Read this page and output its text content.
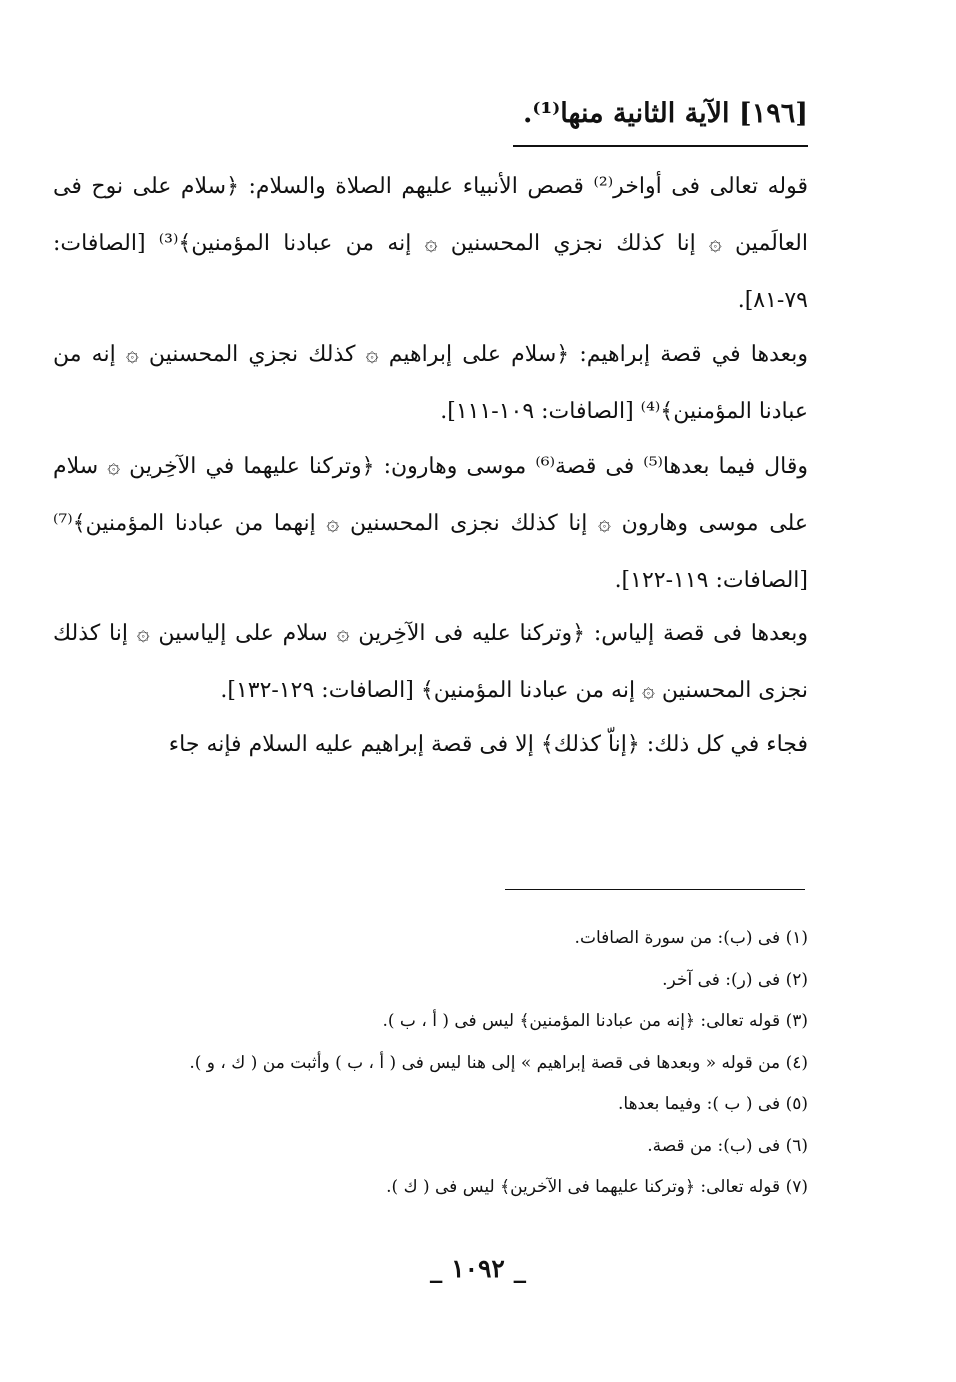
[١٩٦] الآية الثانية منها⁽¹⁾.
قوله تعالى فى أواخر⁽²⁾ قصص الأنبياء عليهم الصلاة والسلام: ﴿سلام على نوح فى العالَمين ۞ إنا كذلك نجزي المحسنين ۞ إنه من عبادنا المؤمنين﴾⁽³⁾ [الصافات: ٧٩-٨١].
وبعدها في قصة إبراهيم: ﴿سلام على إبراهيم ۞ كذلك نجزي المحسنين ۞ إنه من عبادنا المؤمنين﴾⁽⁴⁾ [الصافات: ١٠٩-١١١].
وقال فيما بعدها⁽⁵⁾ فى قصة⁽⁶⁾ موسى وهارون: ﴿وتركنا عليهما في الآخِرين ۞ سلام على موسى وهارون ۞ إنا كذلك نجزى المحسنين ۞ إنهما من عبادنا المؤمنين﴾⁽⁷⁾ [الصافات: ١١٩-١٢٢].
وبعدها فى قصة إلياس: ﴿وتركنا عليه فى الآخِرين ۞ سلام على إلياسين ۞ إنا كذلك نجزى المحسنين ۞ إنه من عبادنا المؤمنين﴾ [الصافات: ١٢٩-١٣٢].
فجاء في كل ذلك: ﴿إناّ كذلك﴾ إلا فى قصة إبراهيم عليه السلام فإنه جاء
(١) فى (ب): من سورة الصافات.
(٢) فى (ر): فى آخر.
(٣) قوله تعالى: ﴿إنه من عبادنا المؤمنين﴾ ليس فى ( أ ، ب ).
(٤) من قوله « وبعدها فى قصة إبراهيم » إلى هنا ليس فى ( أ ، ب ) وأثبت من ( ك ، و ).
(٥) فى ( ب ): وفيما بعدها.
(٦) فى (ب): من قصة.
(٧) قوله تعالى: ﴿وتركنا عليهما فى الآخرين﴾ ليس فى ( ك ).
_ ١٠٩٢ _
